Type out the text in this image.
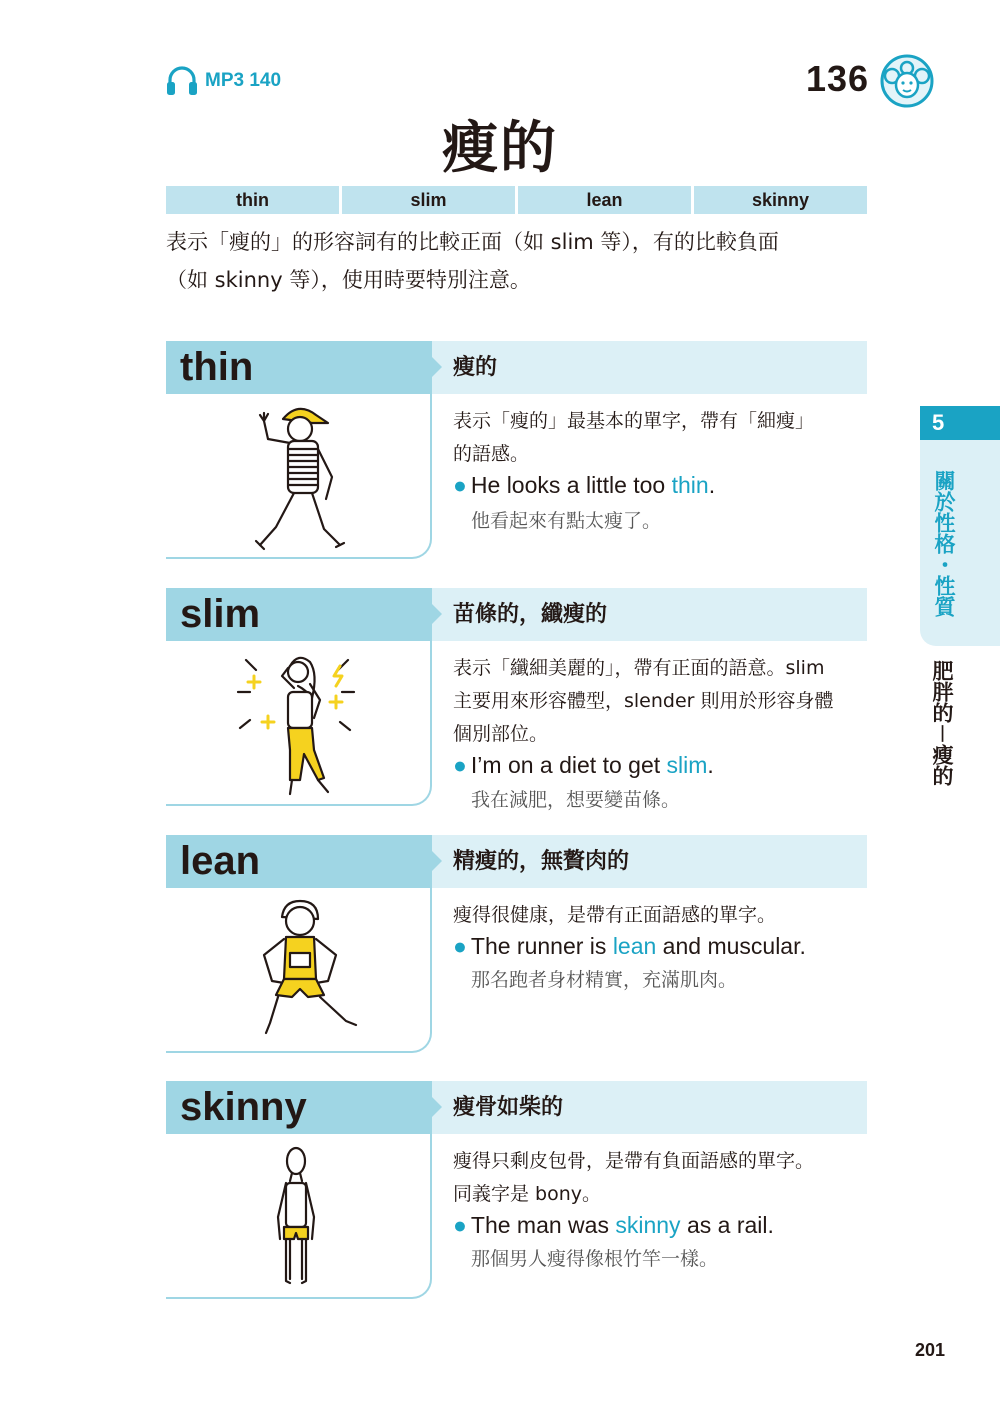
MP3 140	136
瘦的
thin	slim	lean	skinny
表示「瘦的」的形容詞有的比較正面（如 slim 等），有的比較負面
（如 skinny 等），使用時要特別注意。
thin	瘦的
表示「瘦的」最基本的單字，帶有「細瘦」
的語感。
● He looks a little too thin.
他看起來有點太瘦了。
slim	苗條的，纖瘦的
表示「纖細美麗的」，帶有正面的語意。slim
主要用來形容體型，slender 則用於形容身體
個別部位。
● I’m on a diet to get slim.
我在減肥，想要變苗條。
lean	精瘦的，無贅肉的
瘦得很健康，是帶有正面語感的單字。
● The runner is lean and muscular.
那名跑者身材精實，充滿肌肉。
skinny	瘦骨如柴的
瘦得只剩皮包骨，是帶有負面語感的單字。
同義字是 bony。
● The man was skinny as a rail.
那個男人瘦得像根竹竿一樣。
5
關於性格・性質
肥胖的－瘦的
201
